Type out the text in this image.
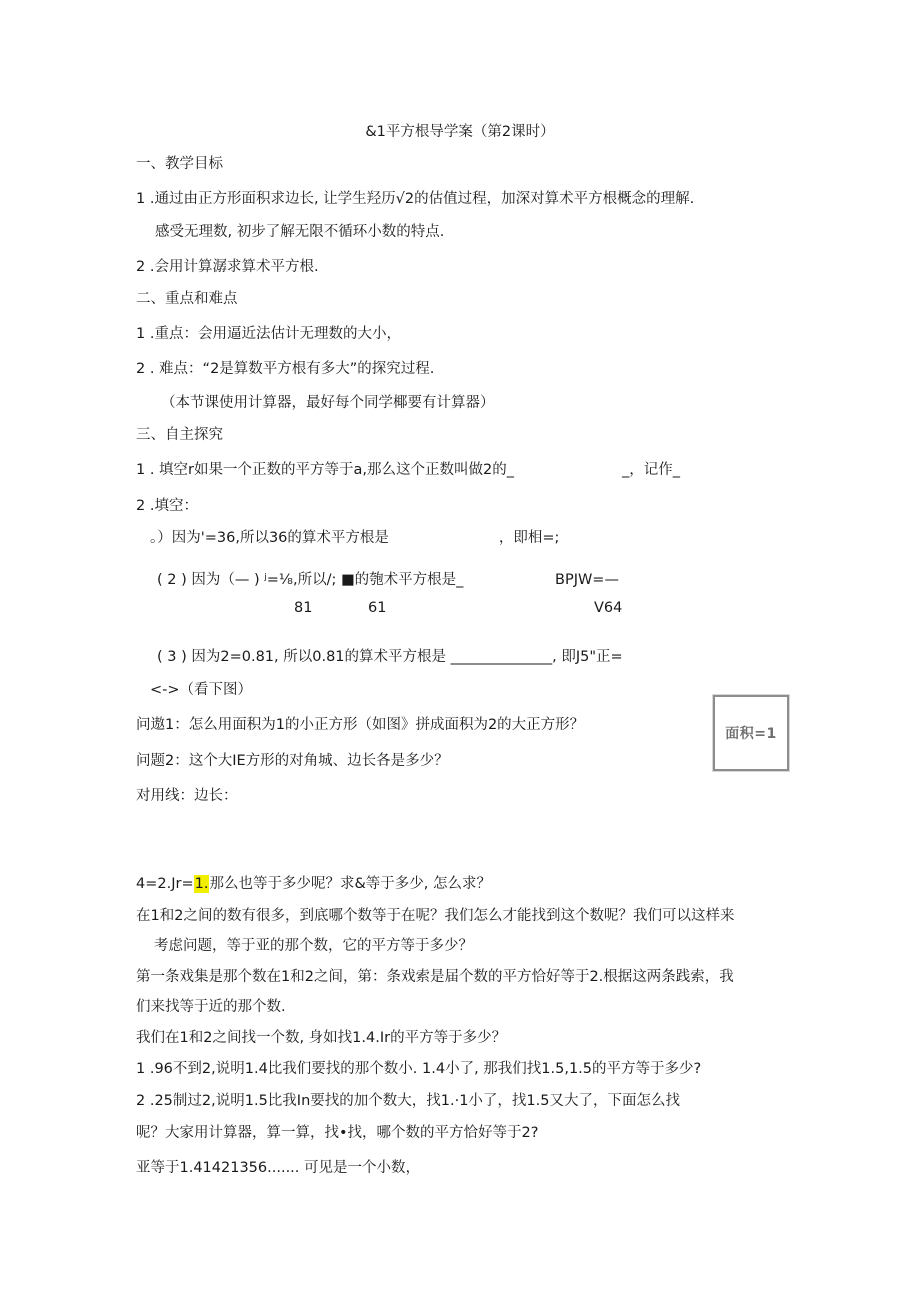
&1平方根导学案（第2课时）
一、教学目标
1 .通过由正方形面积求边长, 让学生羟历√2的估值过程，加深对算术平方根概念的理解.
感受无理数, 初步了解无限不循环小数的特点.
2 .会用计算潺求算术平方根.
二、重点和难点
1 .重点：会用逼近法估计无理数的大小，
2 . 难点：“2是算数平方根有多大”的探究过程.
（本节课使用计算器，最好每个同学椰要有计算器）
三、自主探究
1 . 填空r如果一个正数的平方等于a,那么这个正数叫做2的_	_，记作_
2 .填空：
。）因为'=36,所以36的算术平方根是	，即相=;
( 2 ) 因为（— ) ʲ=⅛,所以/; ■的匏术平方根是_	BPJW=—
81	61	V64
( 3 ) 因为2=0.81, 所以0.81的算术平方根是 ______________, 即J5"正=
<->（看下图）
问遨1：怎么用面积为1的小正方形（如图》拼成面积为2的大正方形？
问题2：这个大IE方形的对角城、边长各是多少？
对用线：边长：
面积=1
4=2.Jr=1.那么也等于多少呢？求&等于多少, 怎么求？
在1和2之间的数有很多，到底哪个数等于在呢？我们怎么才能找到这个数呢？我们可以这样来
考虑问题，等于亚的那个数，它的平方等于多少？
第一条戏集是那个数在1和2之间，第：条戏索是届个数的平方恰好等于2.根据这两条践索，我
们来找等于近的那个数.
我们在1和2之间找一个数, 身如找1.4.Ir的平方等于多少？
1 .96不到2,说明1.4比我们要找的那个数小. 1.4小了, 那我们找1.5,1.5的平方等于多少?
2 .25制过2,说明1.5比我In要找的加个数大，找1.·1小了，找1.5又大了，下面怎么找
呢？大家用计算器，算一算，找•找，哪个数的平方恰好等于2?
亚等于1.41421356....... 可见是一个小数，
